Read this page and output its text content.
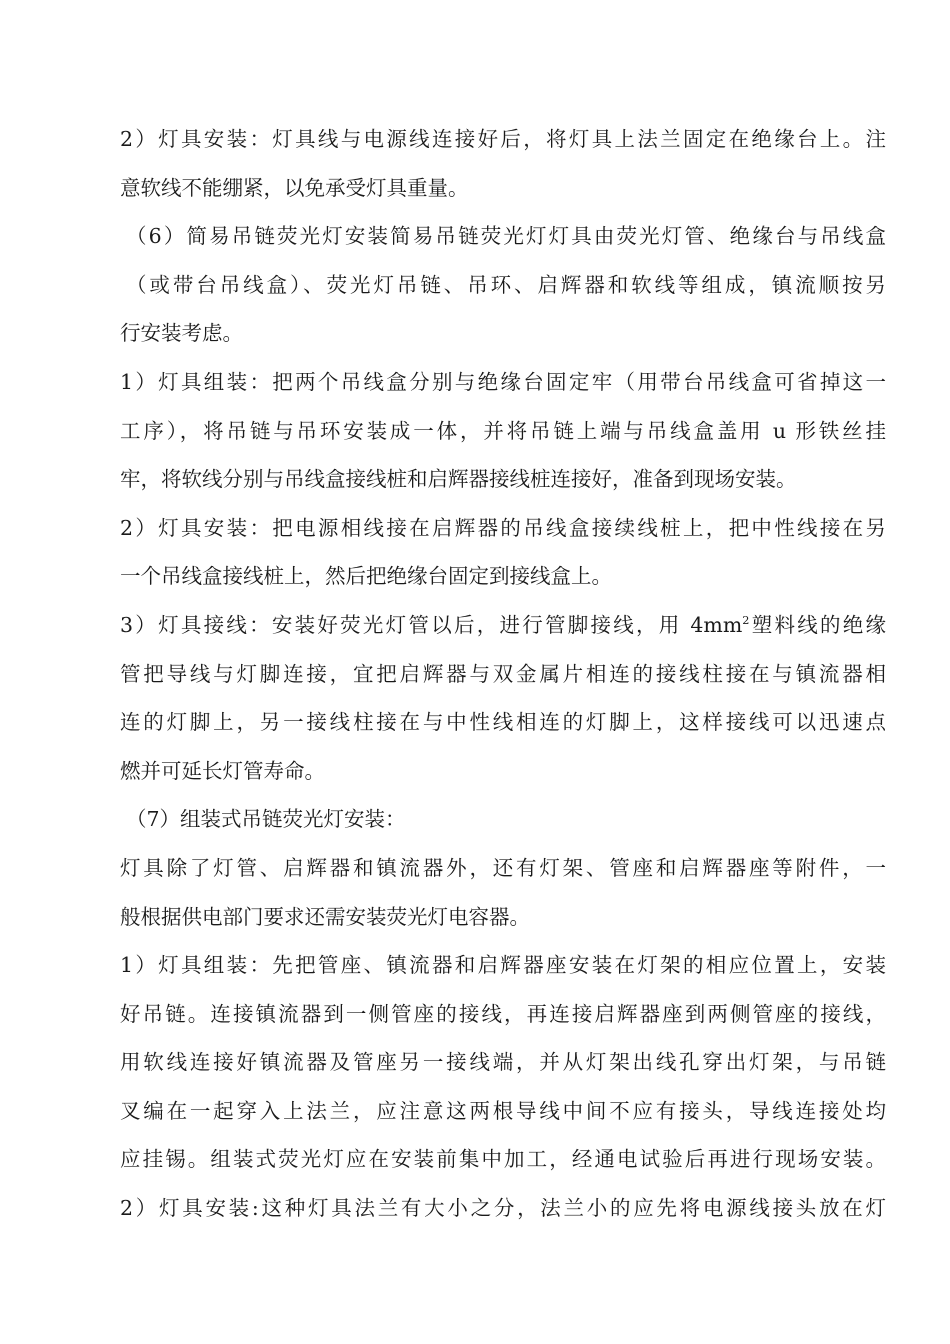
2）灯具安装：灯具线与电源线连接好后，将灯具上法兰固定在绝缘台上。注
意软线不能绷紧，以免承受灯具重量。
（6）简易吊链荧光灯安装简易吊链荧光灯灯具由荧光灯管、绝缘台与吊线盒
（或带台吊线盒）、荧光灯吊链、吊环、启辉器和软线等组成，镇流顺按另
行安装考虑。
1）灯具组装：把两个吊线盒分别与绝缘台固定牢（用带台吊线盒可省掉这一
工序），将吊链与吊环安装成一体，并将吊链上端与吊线盒盖用 u 形铁丝挂
牢，将软线分别与吊线盒接线桩和启辉器接线桩连接好，准备到现场安装。
2）灯具安装：把电源相线接在启辉器的吊线盒接续线桩上，把中性线接在另
一个吊线盒接线桩上，然后把绝缘台固定到接线盒上。
3）灯具接线：安装好荧光灯管以后，进行管脚接线，用 $4mm^2$塑料线的绝缘
管把导线与灯脚连接，宜把启辉器与双金属片相连的接线柱接在与镇流器相
连的灯脚上，另一接线柱接在与中性线相连的灯脚上，这样接线可以迅速点
燃并可延长灯管寿命。
（7）组装式吊链荧光灯安装：
灯具除了灯管、启辉器和镇流器外，还有灯架、管座和启辉器座等附件，一
般根据供电部门要求还需安装荧光灯电容器。
1）灯具组装：先把管座、镇流器和启辉器座安装在灯架的相应位置上，安装
好吊链。连接镇流器到一侧管座的接线，再连接启辉器座到两侧管座的接线，
用软线连接好镇流器及管座另一接线端，并从灯架出线孔穿出灯架，与吊链
叉编在一起穿入上法兰，应注意这两根导线中间不应有接头，导线连接处均
应挂锡。组装式荧光灯应在安装前集中加工，经通电试验后再进行现场安装。
2）灯具安装:这种灯具法兰有大小之分，法兰小的应先将电源线接头放在灯
